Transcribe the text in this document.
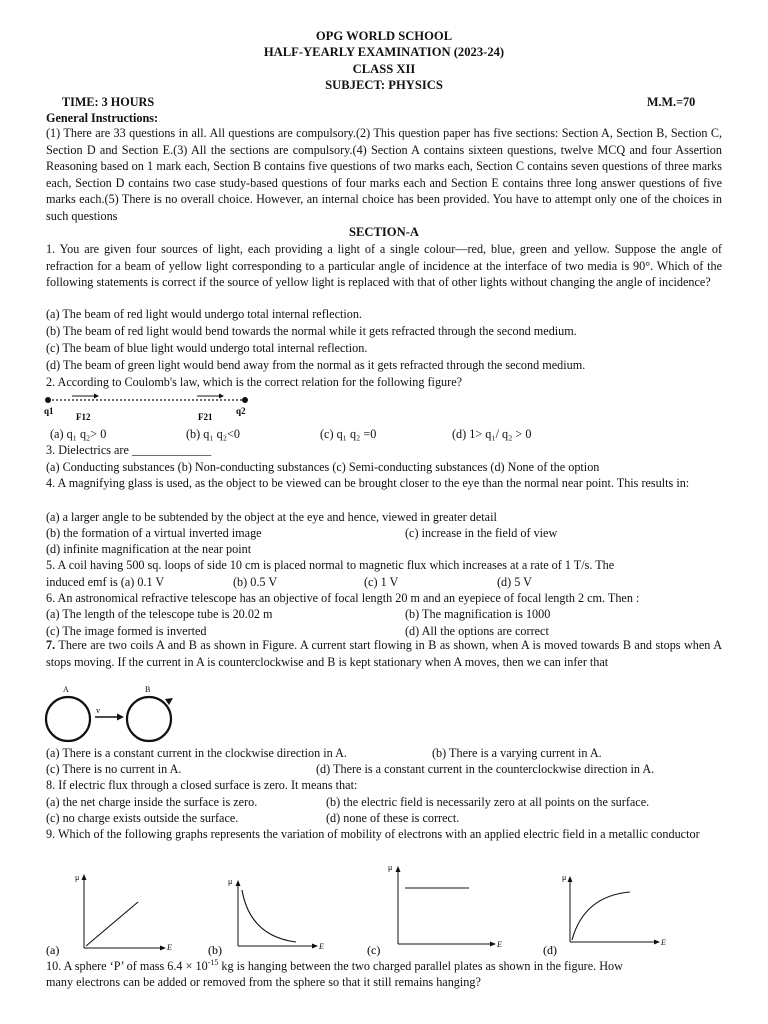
OPG WORLD SCHOOL
HALF-YEARLY EXAMINATION (2023-24)
CLASS XII
SUBJECT: PHYSICS
TIME: 3 HOURS	M.M.=70
General Instructions:
(1) There are 33 questions in all. All questions are compulsory.(2) This question paper has five sections: Section A, Section B, Section C, Section D and Section E.(3) All the sections are compulsory.(4) Section A contains sixteen questions, twelve MCQ and four Assertion Reasoning based on 1 mark each, Section B contains five questions of two marks each, Section C contains seven questions of three marks each, Section D contains two case study-based questions of four marks each and Section E contains three long answer questions of five marks each.(5) There is no overall choice. However, an internal choice has been provided. You have to attempt only one of the choices in such questions
SECTION-A
1. You are given four sources of light, each providing a light of a single colour—red, blue, green and yellow. Suppose the angle of refraction for a beam of yellow light corresponding to a particular angle of incidence at the interface of two media is 90°. Which of the following statements is correct if the source of yellow light is replaced with that of other lights without changing the angle of incidence?
(a) The beam of red light would undergo total internal reflection.
(b) The beam of red light would bend towards the normal while it gets refracted through the second medium.
(c) The beam of blue light would undergo total internal reflection.
(d) The beam of green light would bend away from the normal as it gets refracted through the second medium.
2. According to Coulomb's law, which is the correct relation for the following figure?
q1
F12	F21
q2
(a) q₁ q₂> 0	(b) q₁ q₂<0	(c) q₁ q₂ =0	(d) 1> q₁/ q₂ > 0
3. Dielectrics are _____________
(a) Conducting substances (b) Non-conducting substances (c) Semi-conducting substances (d) None of the option
4. A magnifying glass is used, as the object to be viewed can be brought closer to the eye than the normal near point. This results in:
(a) a larger angle to be subtended by the object at the eye and hence, viewed in greater detail
(b) the formation of a virtual inverted image	(c) increase in the field of view
(d) infinite magnification at the near point
5. A coil having 500 sq. loops of side 10 cm is placed normal to magnetic flux which increases at a rate of 1 T/s. The
induced emf is (a) 0.1 V	(b) 0.5 V	(c) 1 V	(d) 5 V
6. An astronomical refractive telescope has an objective of focal length 20 m and an eyepiece of focal length 2 cm. Then :
(a) The length of the telescope tube is 20.02 m	(b) The magnification is 1000
(c) The image formed is inverted	(d) All the options are correct
7. There are two coils A and B as shown in Figure. A current start flowing in B as shown, when A is moved towards B and stops when A stops moving. If the current in A is counterclockwise and B is kept stationary when A moves, then we can infer that
A	B
v
(a) There is a constant current in the clockwise direction in A.	(b) There is a varying current in A.
(c) There is no current in A.	(d) There is a constant current in the counterclockwise direction in A.
8. If electric flux through a closed surface is zero. It means that:
(a) the net charge inside the surface is zero.	(b) the electric field is necessarily zero at all points on the surface.
(c) no charge exists outside the surface.	(d) none of these is correct.
9. Which of the following graphs represents the variation of mobility of electrons with an applied electric field in a metallic conductor
μ
E
(a)
μ
E
(b)
μ
E
(c)
μ
E
(d)
10. A sphere ‘P’ of mass $6.4 \times 10^{-15}$ kg is hanging between the two charged parallel plates as shown in the figure. How
many electrons can be added or removed from the sphere so that it still remains hanging?
